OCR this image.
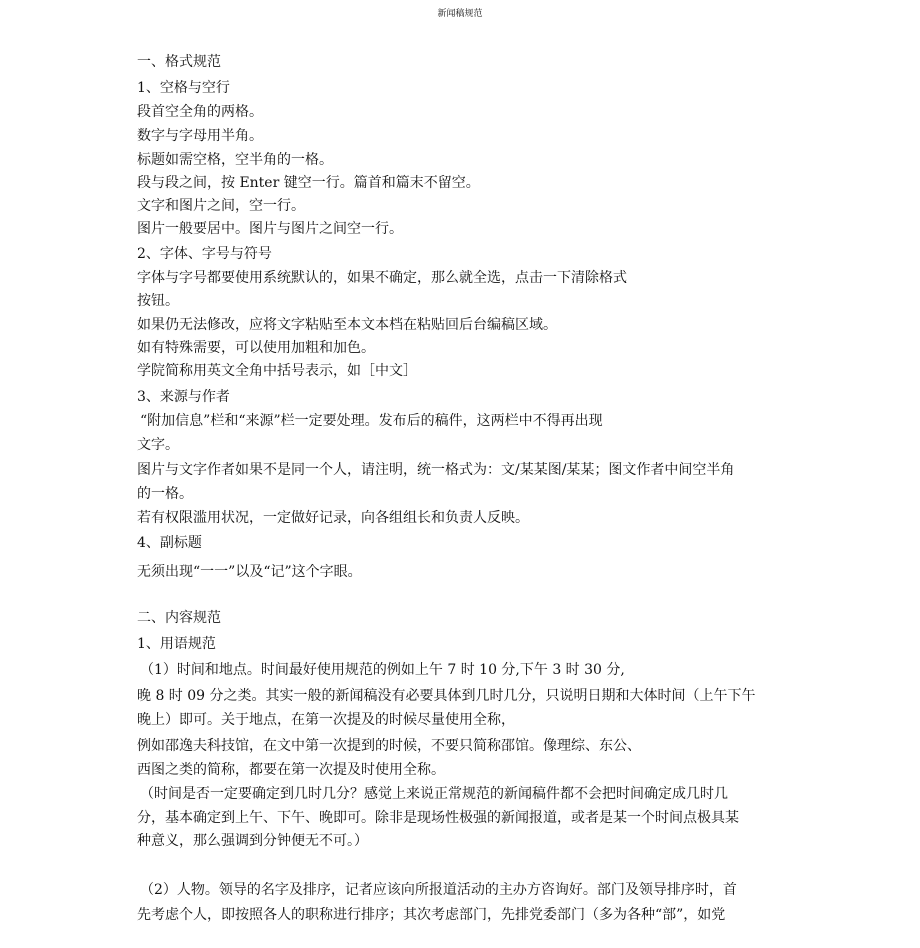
新闻稿规范
一、格式规范
1、空格与空行
段首空全角的两格。
数字与字母用半角。
标题如需空格，空半角的一格。
段与段之间，按 Enter 键空一行。篇首和篇末不留空。
文字和图片之间，空一行。
图片一般要居中。图片与图片之间空一行。
2、字体、字号与符号
字体与字号都要使用系统默认的，如果不确定，那么就全选，点击一下清除格式
按钮。
如果仍无法修改，应将文字粘贴至本文本档在粘贴回后台编稿区域。
如有特殊需要，可以使用加粗和加色。
学院简称用英文全角中括号表示，如［中文］
3、来源与作者
“附加信息”栏和“来源”栏一定要处理。发布后的稿件，这两栏中不得再出现
文字。
图片与文字作者如果不是同一个人，请注明，统一格式为：文/某某图/某某；图文作者中间空半角
的一格。
若有权限滥用状况，一定做好记录，向各组组长和负责人反映。
4、副标题
无须出现“一一”以及“记”这个字眼。
二、内容规范
1、用语规范
（1）时间和地点。时间最好使用规范的例如上午 7 时 10 分,下午 3 时 30 分,
晚 8 时 09 分之类。其实一般的新闻稿没有必要具体到几时几分，只说明日期和大体时间（上午下午
晚上）即可。关于地点，在第一次提及的时候尽量使用全称，
例如邵逸夫科技馆，在文中第一次提到的时候，不要只简称邵馆。像理综、东公、
西图之类的简称，都要在第一次提及时使用全称。
（时间是否一定要确定到几时几分？感觉上来说正常规范的新闻稿件都不会把时间确定成几时几
分，基本确定到上午、下午、晚即可。除非是现场性极强的新闻报道，或者是某一个时间点极具某
种意义，那么强调到分钟便无不可。）
（2）人物。领导的名字及排序，记者应该向所报道活动的主办方咨询好。部门及领导排序时，首
先考虑个人，即按照各人的职称进行排序；其次考虑部门，先排党委部门（多为各种“部”，如党
